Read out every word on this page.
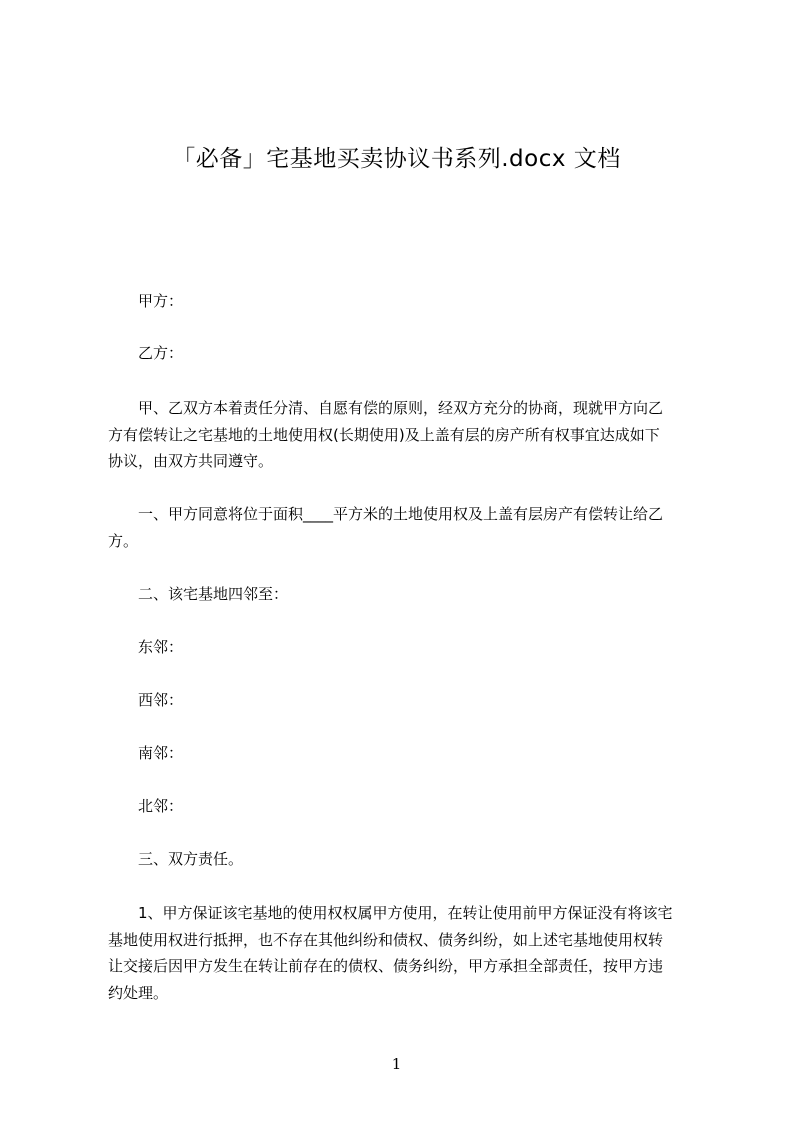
「必备」宅基地买卖协议书系列.docx 文档
甲方：
乙方：
甲、乙双方本着责任分清、自愿有偿的原则，经双方充分的协商，现就甲方向乙
方有偿转让之宅基地的土地使用权(长期使用)及上盖有层的房产所有权事宜达成如下
协议，由双方共同遵守。
一、甲方同意将位于面积____平方米的土地使用权及上盖有层房产有偿转让给乙
方。
二、该宅基地四邻至：
东邻：
西邻：
南邻：
北邻：
三、双方责任。
1、甲方保证该宅基地的使用权权属甲方使用，在转让使用前甲方保证没有将该宅
基地使用权进行抵押，也不存在其他纠纷和债权、债务纠纷，如上述宅基地使用权转
让交接后因甲方发生在转让前存在的债权、债务纠纷，甲方承担全部责任，按甲方违
约处理。
1
